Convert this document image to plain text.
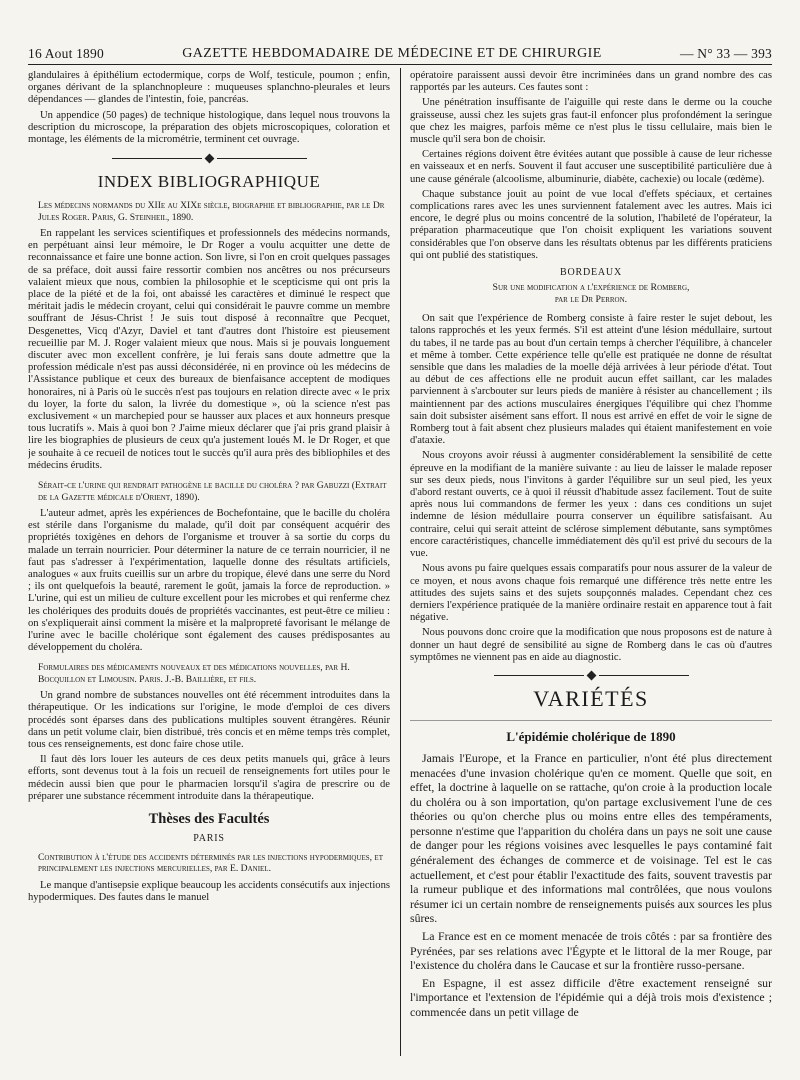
16 Aout 1890	GAZETTE HEBDOMADAIRE DE MÉDECINE ET DE CHIRURGIE	— N° 33 — 393

glandulaires à épithélium ectodermique, corps de Wolf, testicule, poumon ; enfin, organes dérivant de la splanchnopleure : muqueuses splanchno-pleurales et leurs dépendances — glandes de l'intestin, foie, pancréas.

Un appendice (50 pages) de technique histologique, dans lequel nous trouvons la description du microscope, la préparation des objets microscopiques, coloration et montage, les éléments de la micrométrie, terminent cet ouvrage.

INDEX BIBLIOGRAPHIQUE
Les médecins normands du XIIe au XIXe siècle, biographie et bibliographie, par le Dr Jules Roger. Paris, G. Steinheil, 1890.

En rappelant les services scientifiques et professionnels des médecins normands, en perpétuant ainsi leur mémoire, le Dr Roger a voulu acquitter une dette de reconnaissance et faire une bonne action. Son livre, si l'on en croit quelques passages de sa préface, doit aussi faire ressortir combien nos ancêtres ou nos précurseurs valaient mieux que nous, combien la philosophie et le scepticisme qui ont pris la place de la piété et de la foi, ont abaissé les caractères et diminué le respect que méritait jadis le médecin croyant, celui qui considérait le pauvre comme un membre souffrant de Jésus-Christ ! Je suis tout disposé à reconnaître que Pecquet, Desgenettes, Vicq d'Azyr, Daviel et tant d'autres dont l'histoire est pieusement recueillie par M. J. Roger valaient mieux que nous. Mais si je pouvais longuement discuter avec mon excellent confrère, je lui ferais sans doute admettre que la profession médicale n'est pas aussi déconsidérée, ni en province où les médecins de l'Assistance publique et ceux des bureaux de bienfaisance acceptent de modiques honoraires, ni à Paris où le succès n'est pas toujours en relation directe avec « le prix du loyer, la forte du salon, la livrée du domestique », où la science n'est pas exclusivement « un marchepied pour se hausser aux places et aux honneurs presque tous lucratifs ». Mais à quoi bon ? J'aime mieux déclarer que j'ai pris grand plaisir à lire les biographies de plusieurs de ceux qu'a justement loués M. le Dr Roger, et que je souhaite à ce recueil de notices tout le succès qu'il aura près des bibliophiles et des médecins érudits.

Sérait-ce l'urine qui rendrait pathogène le bacille du choléra ? par Gabuzzi (Extrait de la Gazette médicale d'Orient, 1890).

L'auteur admet, après les expériences de Bochefontaine, que le bacille du choléra est stérile dans l'organisme du malade, qu'il doit par conséquent acquérir des propriétés toxigènes en dehors de l'organisme et trouver à sa sortie du corps du malade un terrain nourricier. Pour déterminer la nature de ce terrain nourricier, il ne faut pas s'adresser à l'expérimentation, laquelle donne des résultats artificiels, analogues « aux fruits cueillis sur un arbre du tropique, élevé dans une serre du Nord ; ils ont quelquefois la beauté, rarement le goût, jamais la force de reproduction. » L'urine, qui est un milieu de culture excellent pour les microbes et qui renferme chez les cholériques des produits doués de propriétés vaccinantes, est peut-être ce milieu : on s'expliquerait ainsi comment la misère et la malpropreté favorisant le mélange de l'urine avec le bacille cholérique sont également des causes prédisposantes au développement du choléra.

Formulaires des médicaments nouveaux et des médications nouvelles, par H. Bocquillon et Limousin. Paris. J.-B. Baillière, et fils.

Un grand nombre de substances nouvelles ont été récemment introduites dans la thérapeutique. Or les indications sur l'origine, le mode d'emploi de ces divers procédés sont éparses dans des publications multiples souvent étrangères. Réunir dans un petit volume clair, bien distribué, très concis et en même temps très complet, tous ces renseignements, est donc faire chose utile.

Il faut dès lors louer les auteurs de ces deux petits manuels qui, grâce à leurs efforts, sont devenus tout à la fois un recueil de renseignements fort utiles pour le médecin aussi bien que pour le pharmacien lorsqu'il s'agira de prescrire ou de préparer une substance récemment introduite dans la thérapeutique.

Thèses des Facultés
PARIS
Contribution à l'étude des accidents déterminés par les injections hypodermiques, et principalement les injections mercurielles, par E. Daniel.

Le manque d'antisepsie explique beaucoup les accidents consécutifs aux injections hypodermiques. Des fautes dans le manuel

opératoire paraissent aussi devoir être incriminées dans un grand nombre des cas rapportés par les auteurs. Ces fautes sont :

Une pénétration insuffisante de l'aiguille qui reste dans le derme ou la couche graisseuse, aussi chez les sujets gras faut-il enfoncer plus profondément la seringue que chez les maigres, parfois même ce n'est plus le tissu cellulaire, mais bien le muscle qu'il sera bon de choisir.

Certaines régions doivent être évitées autant que possible à cause de leur richesse en vaisseaux et en nerfs. Souvent il faut accuser une susceptibilité particulière due à une cause générale (alcoolisme, albuminurie, diabète, cachexie) ou locale (œdème).

Chaque substance jouit au point de vue local d'effets spéciaux, et certaines complications rares avec les unes surviennent fatalement avec les autres. Mais ici encore, le degré plus ou moins concentré de la solution, l'habileté de l'opérateur, la préparation pharmaceutique que l'on choisit expliquent les variations souvent considérables que l'on observe dans les résultats obtenus par les différents praticiens qui ont publié des statistiques.

BORDEAUX
Sur une modification a l'expérience de Romberg,
par le Dr Perron.

On sait que l'expérience de Romberg consiste à faire rester le sujet debout, les talons rapprochés et les yeux fermés. S'il est atteint d'une lésion médullaire, surtout du tabes, il ne tarde pas au bout d'un certain temps à chercher l'équilibre, à chanceler et même à tomber. Cette expérience telle qu'elle est pratiquée ne donne de résultat sensible que dans les maladies de la moelle déjà arrivées à leur période d'état. Tout au début de ces affections elle ne produit aucun effet saillant, car les malades parviennent à s'arcbouter sur leurs pieds de manière à résister au chancellement ; ils maintiennent par des actions musculaires énergiques l'équilibre qui chez l'homme sain doit subsister aisément sans effort. Il nous est arrivé en effet de voir le signe de Romberg tout à fait absent chez plusieurs malades qui étaient manifestement en voie d'ataxie.

Nous croyons avoir réussi à augmenter considérablement la sensibilité de cette épreuve en la modifiant de la manière suivante : au lieu de laisser le malade reposer sur ses deux pieds, nous l'invitons à garder l'équilibre sur un seul pied, les yeux d'abord restant ouverts, ce à quoi il réussit d'habitude assez facilement. Tout de suite après nous lui commandons de fermer les yeux : dans ces conditions un sujet indemne de lésion médullaire pourra conserver un équilibre satisfaisant. Au contraire, celui qui serait atteint de sclérose simplement débutante, sans symptômes encore caractéristiques, chancelle immédiatement dès qu'il est privé du secours de la vue.

Nous avons pu faire quelques essais comparatifs pour nous assurer de la valeur de ce moyen, et nous avons chaque fois remarqué une différence très nette entre les attitudes des sujets sains et des sujets soupçonnés malades. Cependant chez ces derniers l'expérience pratiquée de la manière ordinaire restait en apparence tout à fait négative.

Nous pouvons donc croire que la modification que nous proposons est de nature à donner un haut degré de sensibilité au signe de Romberg dans le cas où d'autres symptômes ne viennent pas en aide au diagnostic.

VARIÉTÉS
L'épidémie cholérique de 1890

Jamais l'Europe, et la France en particulier, n'ont été plus directement menacées d'une invasion cholérique qu'en ce moment. Quelle que soit, en effet, la doctrine à laquelle on se rattache, qu'on croie à la production locale du choléra ou à son importation, qu'on partage exclusivement l'une de ces théories ou qu'on cherche plus ou moins entre elles des tempéraments, personne n'estime que l'apparition du choléra dans un pays ne soit une cause de danger pour les régions voisines avec lesquelles le pays contaminé fait généralement des échanges de commerce et de voisinage. Tel est le cas actuellement, et c'est pour établir l'exactitude des faits, souvent travestis par la rumeur publique et des informations mal contrôlées, que nous voulons résumer ici un certain nombre de renseignements puisés aux sources les plus sûres.

La France est en ce moment menacée de trois côtés : par sa frontière des Pyrénées, par ses relations avec l'Égypte et le littoral de la mer Rouge, par l'existence du choléra dans le Caucase et sur la frontière russo-persane.

En Espagne, il est assez difficile d'être exactement renseigné sur l'importance et l'extension de l'épidémie qui a déjà trois mois d'existence ; commencée dans un petit village de
